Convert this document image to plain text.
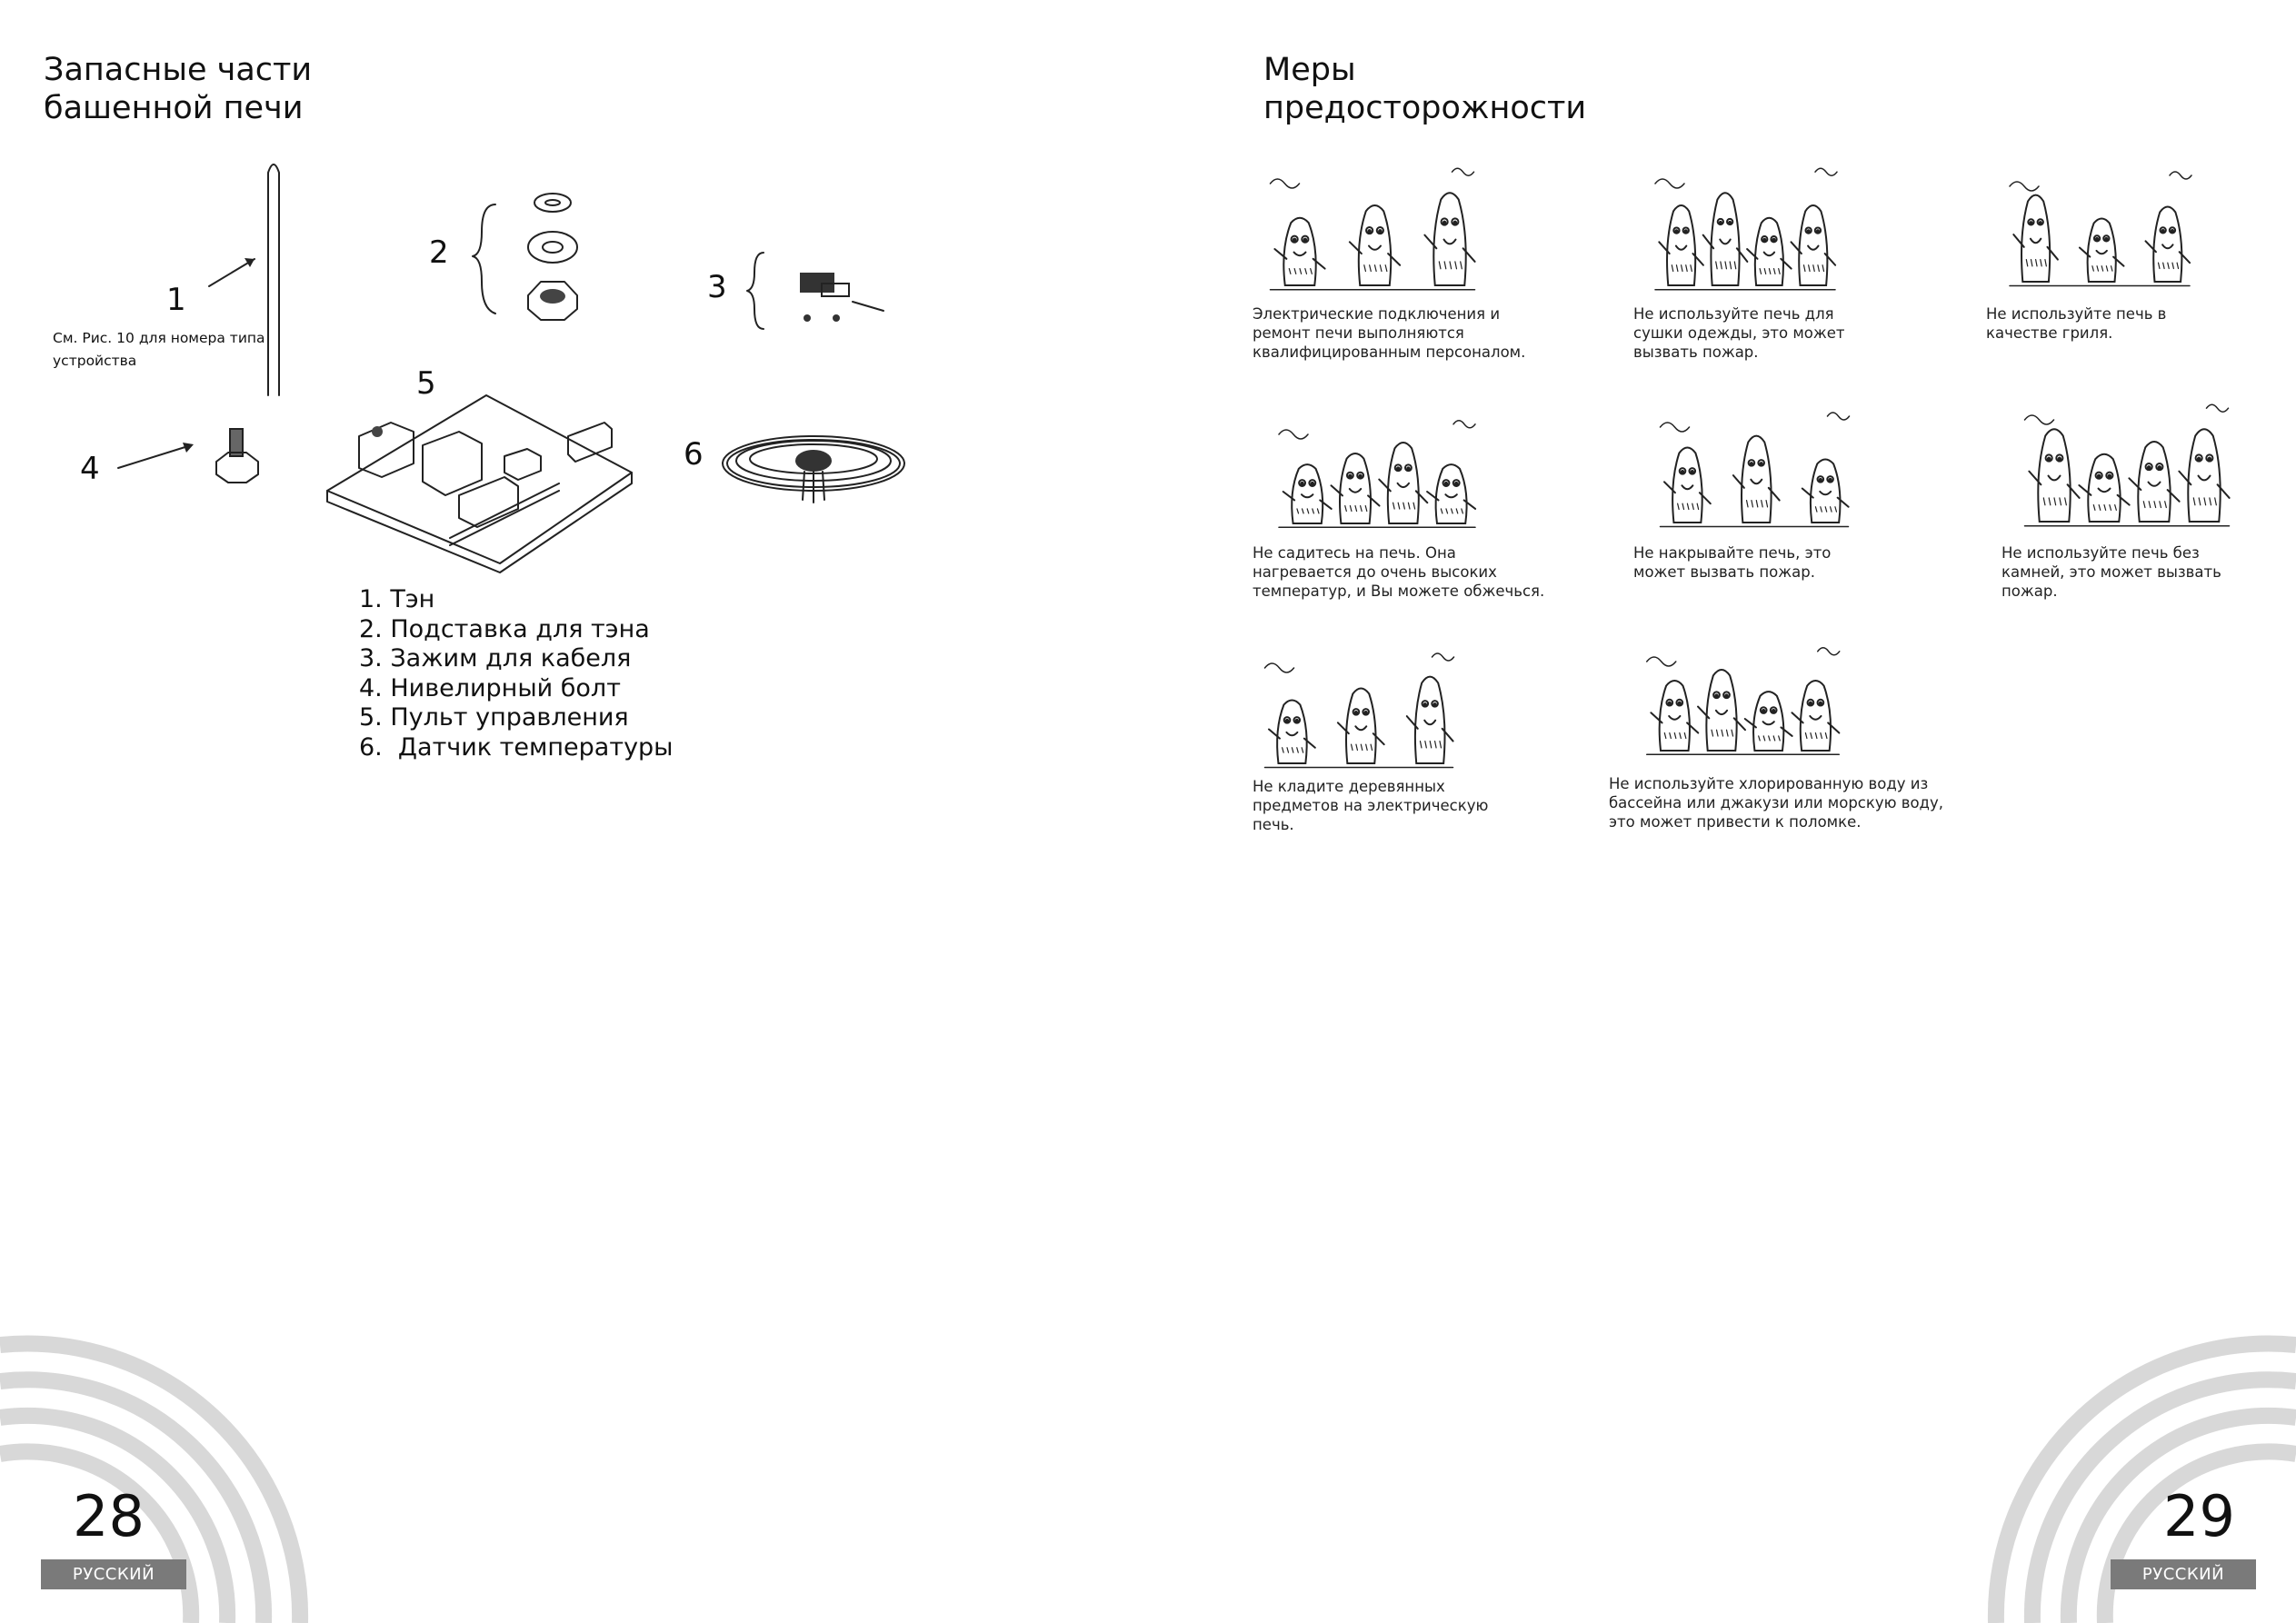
Запасные части
башенной печи
1
См. Рис. 10 для номера типа устройства
2
3
4
5
6
1. Тэн
2. Подставка для тэна
3. Зажим для кабеля
4. Нивелирный болт
5. Пульт управления
6.  Датчик температуры
28
РУССКИЙ
Меры
предосторожности
Электрические подключения и
ремонт печи выполняются
квалифицированным персоналом.
Не используйте печь для
сушки одежды, это может
вызвать пожар.
Не используйте печь в
качестве гриля.
Не садитесь на печь. Она
нагревается до очень высоких
температур, и Вы можете обжечься.
Не накрывайте печь, это
может вызвать пожар.
Не используйте печь без
камней, это может вызвать
пожар.
Не кладите деревянных
предметов на электрическую
печь.
Не используйте хлорированную воду из
бассейна или джакузи или морскую воду,
это может привести к поломке.
29
РУССКИЙ
